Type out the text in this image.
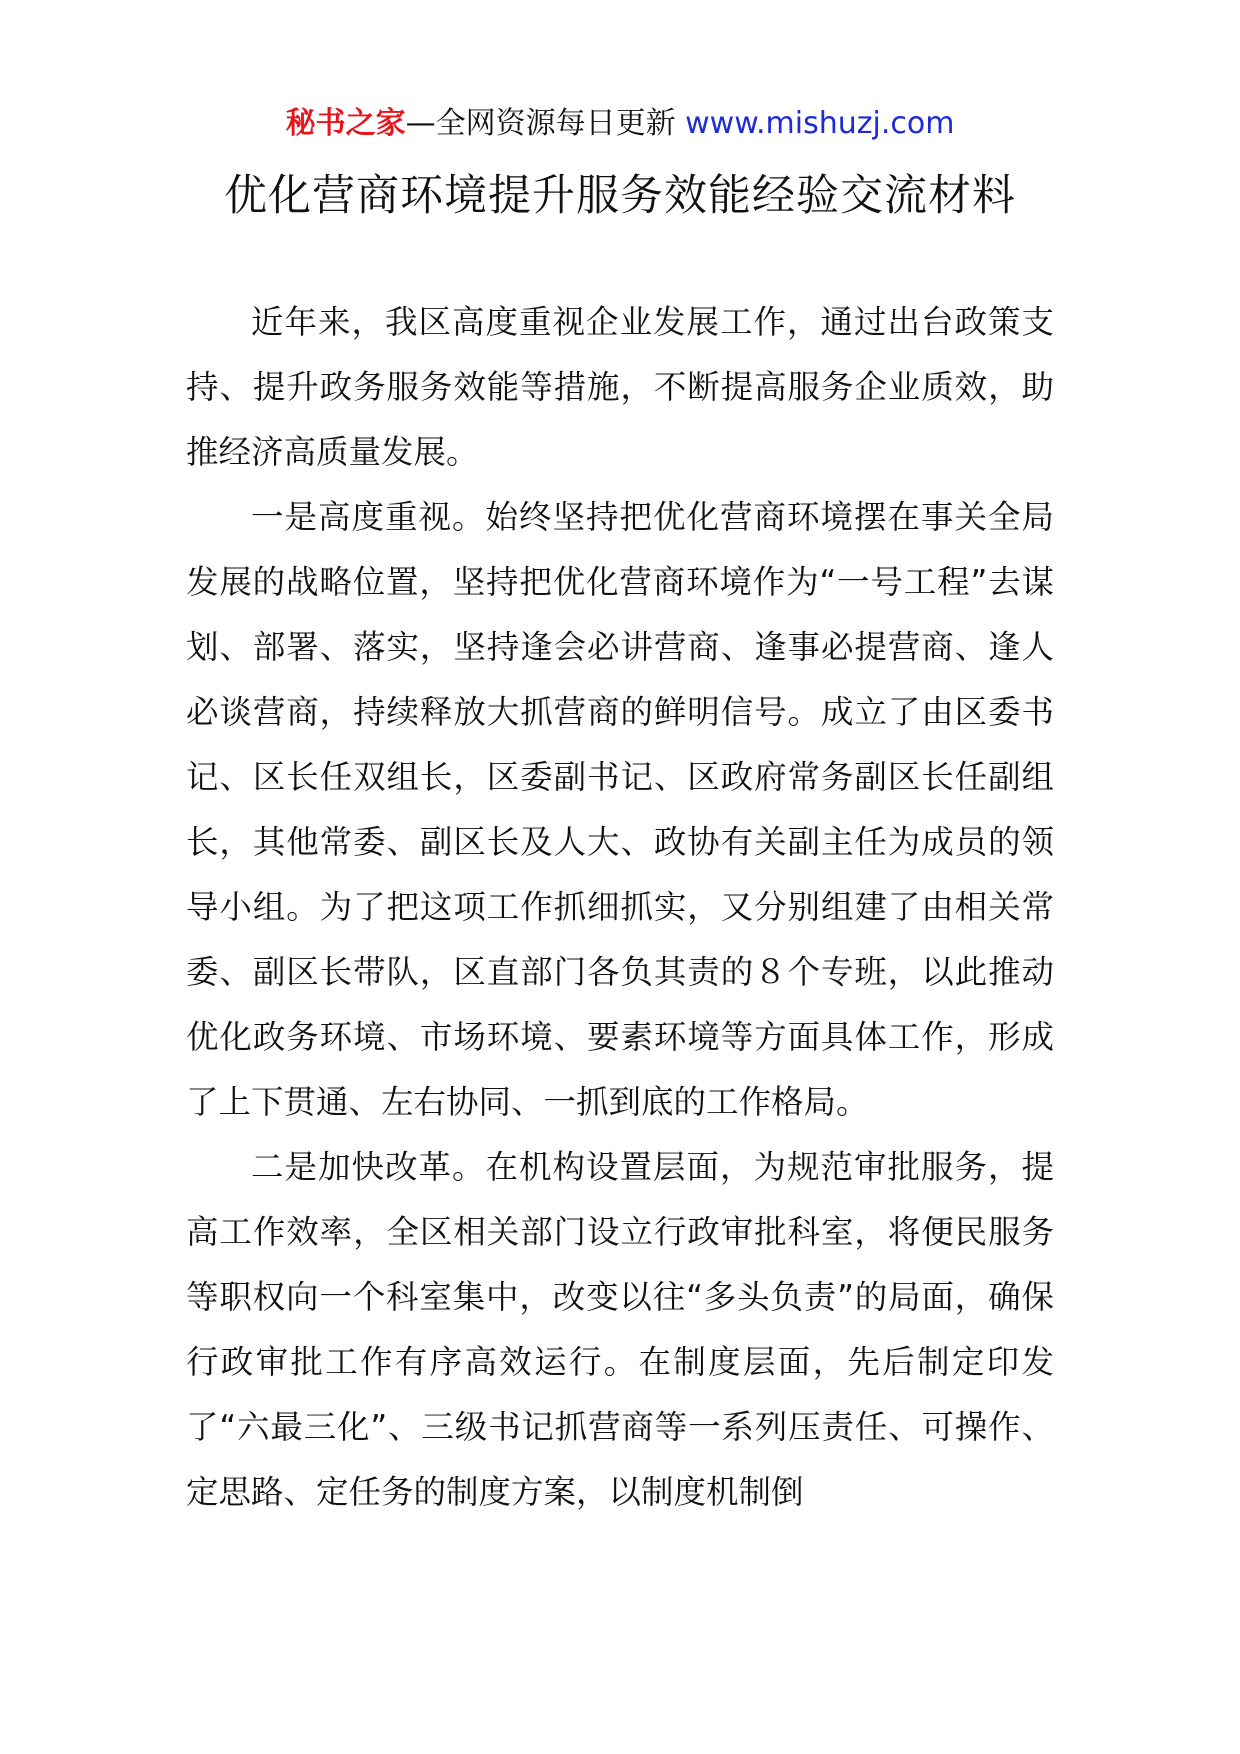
秘书之家—全网资源每日更新 www.mishuzj.com
优化营商环境提升服务效能经验交流材料

近年来，我区高度重视企业发展工作，通过出台政策支持、提升政务服务效能等措施，不断提高服务企业质效，助推经济高质量发展。

一是高度重视。始终坚持把优化营商环境摆在事关全局发展的战略位置，坚持把优化营商环境作为“一号工程”去谋划、部署、落实，坚持逢会必讲营商、逢事必提营商、逢人必谈营商，持续释放大抓营商的鲜明信号。成立了由区委书记、区长任双组长，区委副书记、区政府常务副区长任副组长，其他常委、副区长及人大、政协有关副主任为成员的领导小组。为了把这项工作抓细抓实，又分别组建了由相关常委、副区长带队，区直部门各负其责的８个专班，以此推动优化政务环境、市场环境、要素环境等方面具体工作，形成了上下贯通、左右协同、一抓到底的工作格局。

二是加快改革。在机构设置层面，为规范审批服务，提高工作效率，全区相关部门设立行政审批科室，将便民服务等职权向一个科室集中，改变以往“多头负责”的局面，确保行政审批工作有序高效运行。在制度层面，先后制定印发了“六最三化”、三级书记抓营商等一系列压责任、可操作、定思路、定任务的制度方案，以制度机制倒
